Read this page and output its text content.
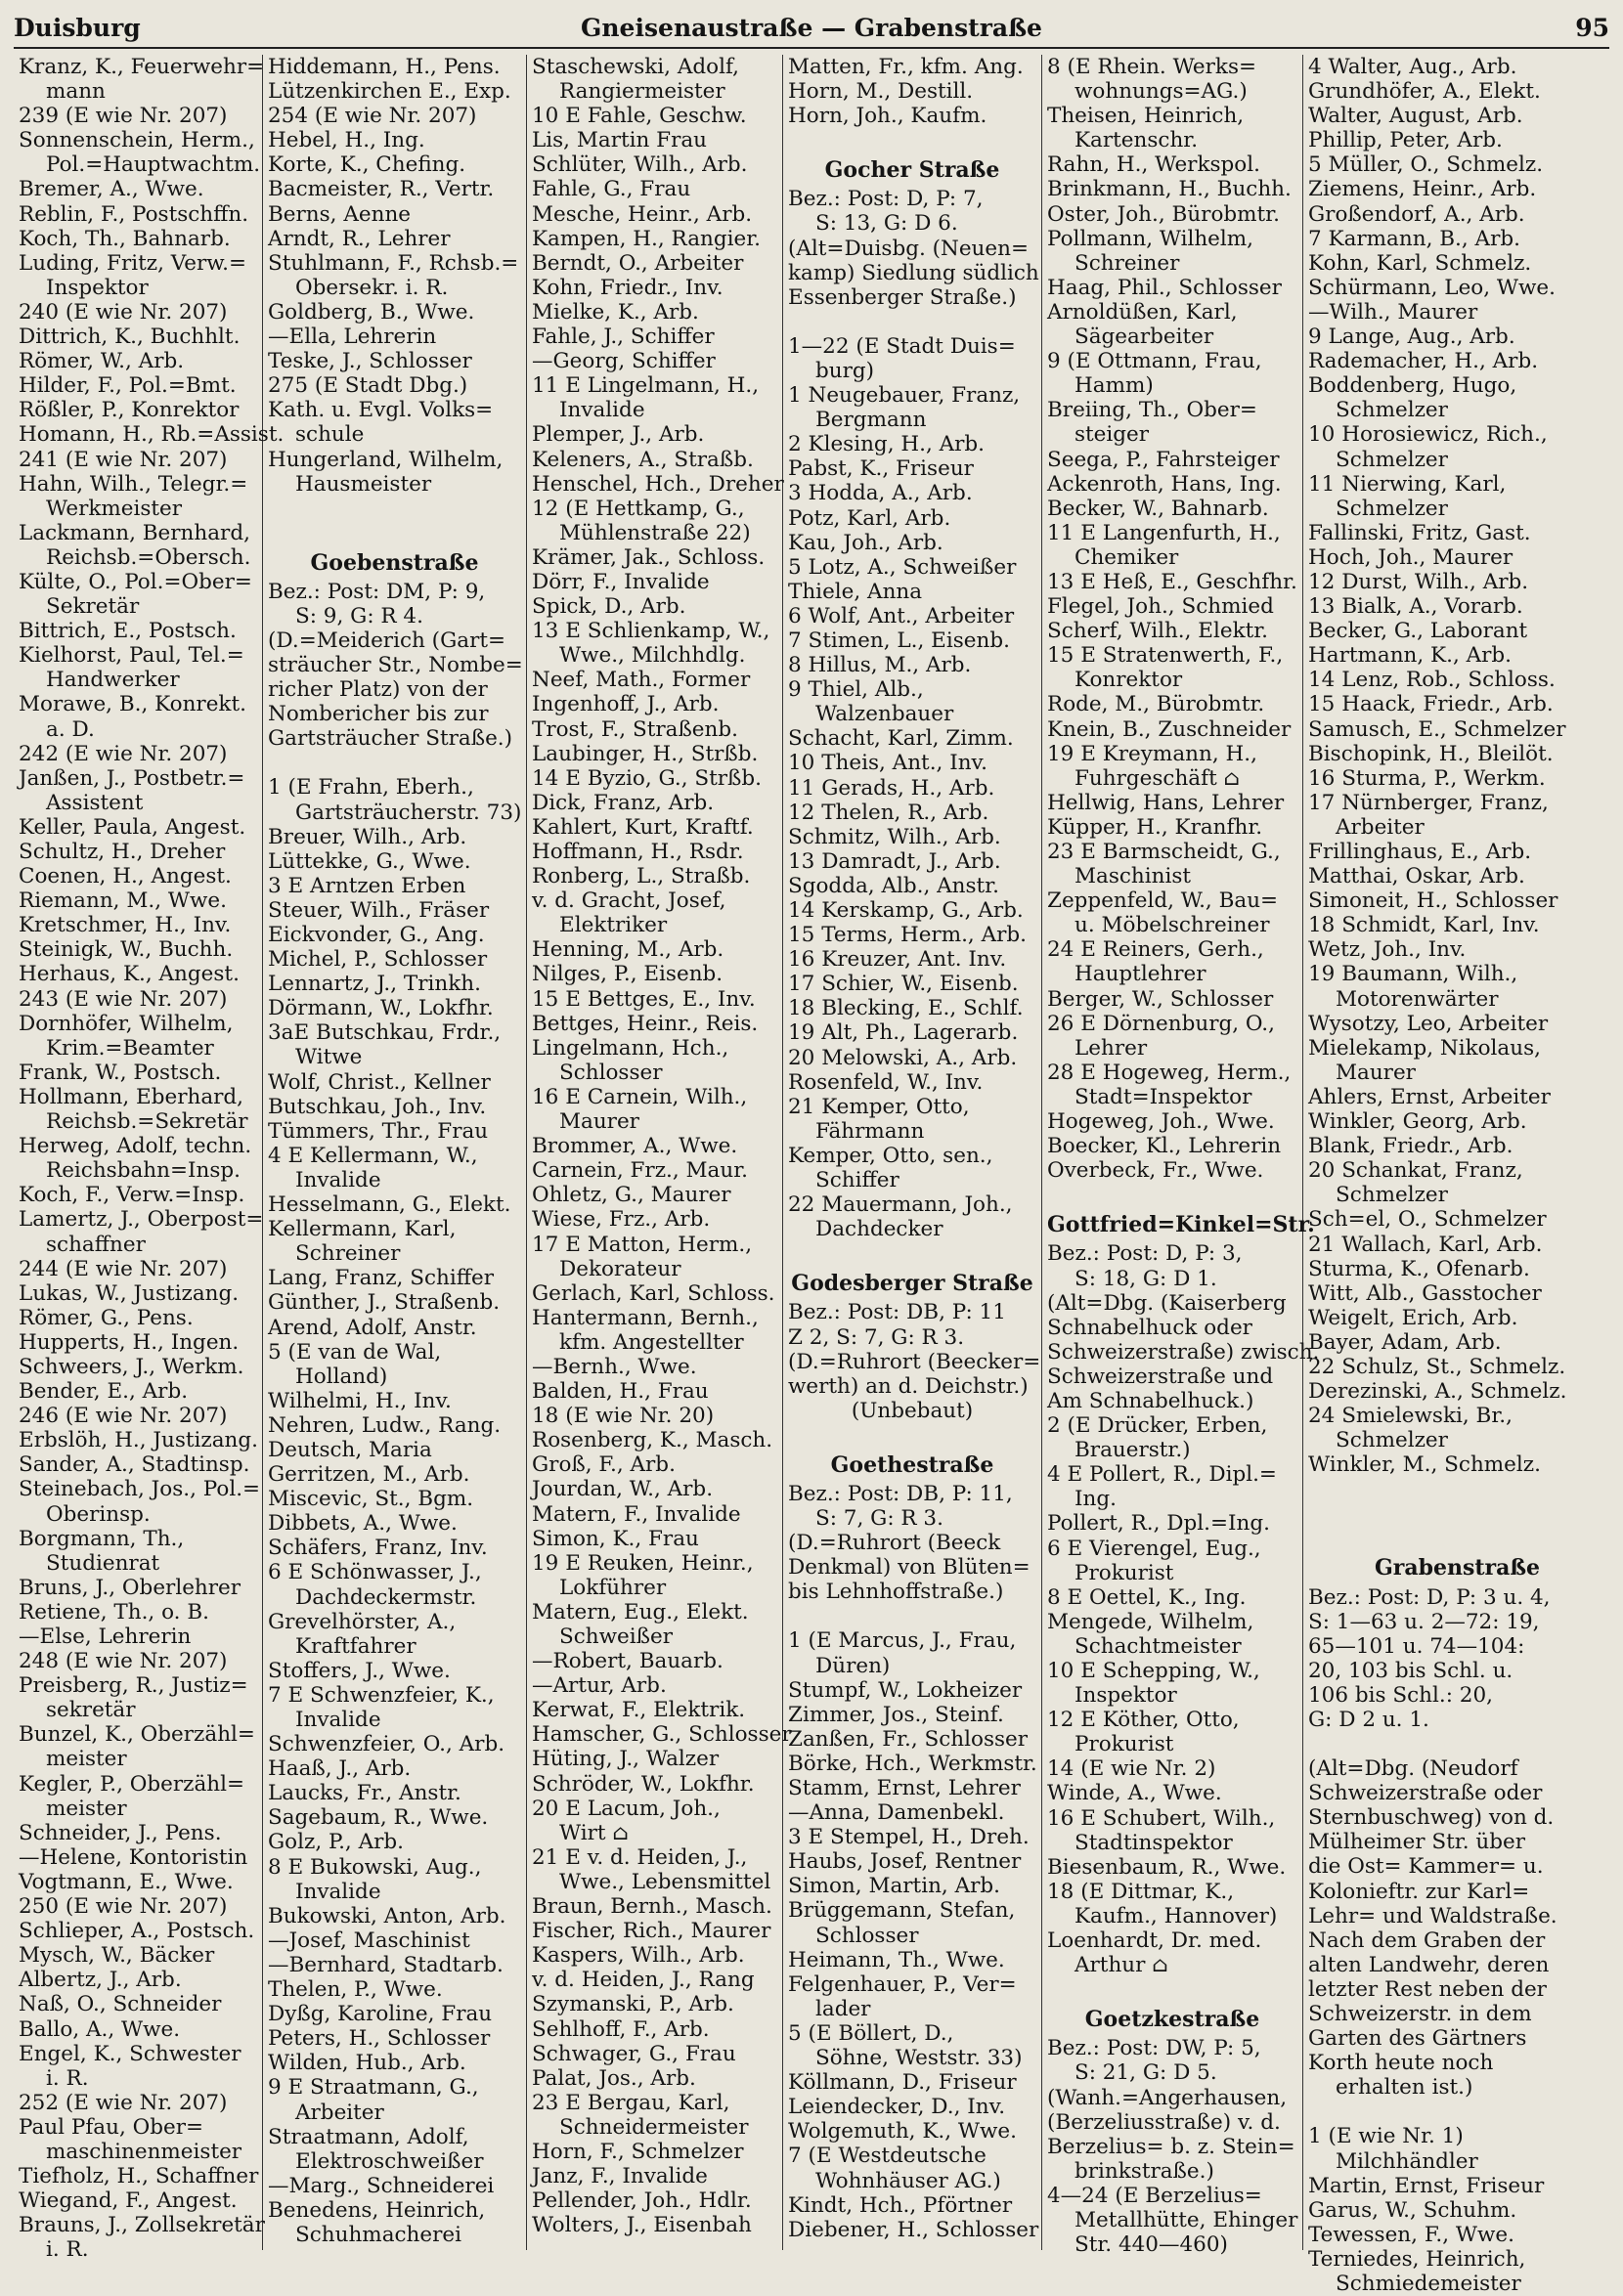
Duisburg	Gneisenaustraße — Grabenstraße	95
Kranz, K., Feuerwehr=
mann
239 (E wie Nr. 207)
Sonnenschein, Herm.,
Pol.=Hauptwachtm.
Bremer, A., Wwe.
Reblin, F., Postschffn.
Koch, Th., Bahnarb.
Luding, Fritz, Verw.=
Inspektor
240 (E wie Nr. 207)
Dittrich, K., Buchhlt.
Römer, W., Arb.
Hilder, F., Pol.=Bmt.
Rößler, P., Konrektor
Homann, H., Rb.=Assist.
241 (E wie Nr. 207)
Hahn, Wilh., Telegr.=
Werkmeister
Lackmann, Bernhard,
Reichsb.=Obersch.
Külte, O., Pol.=Ober=
Sekretär
Bittrich, E., Postsch.
Kielhorst, Paul, Tel.=
Handwerker
Morawe, B., Konrekt.
a. D.
242 (E wie Nr. 207)
Janßen, J., Postbetr.=
Assistent
Keller, Paula, Angest.
Schultz, H., Dreher
Coenen, H., Angest.
Riemann, M., Wwe.
Kretschmer, H., Inv.
Steinigk, W., Buchh.
Herhaus, K., Angest.
243 (E wie Nr. 207)
Dornhöfer, Wilhelm,
Krim.=Beamter
Frank, W., Postsch.
Hollmann, Eberhard,
Reichsb.=Sekretär
Herweg, Adolf, techn.
Reichsbahn=Insp.
Koch, F., Verw.=Insp.
Lamertz, J., Oberpost=
schaffner
244 (E wie Nr. 207)
Lukas, W., Justizang.
Römer, G., Pens.
Hupperts, H., Ingen.
Schweers, J., Werkm.
Bender, E., Arb.
246 (E wie Nr. 207)
Erbslöh, H., Justizang.
Sander, A., Stadtinsp.
Steinebach, Jos., Pol.=
Oberinsp.
Borgmann, Th.,
Studienrat
Bruns, J., Oberlehrer
Retiene, Th., o. B.
—Else, Lehrerin
248 (E wie Nr. 207)
Preisberg, R., Justiz=
sekretär
Bunzel, K., Oberzähl=
meister
Kegler, P., Oberzähl=
meister
Schneider, J., Pens.
—Helene, Kontoristin
Vogtmann, E., Wwe.
250 (E wie Nr. 207)
Schlieper, A., Postsch.
Mysch, W., Bäcker
Albertz, J., Arb.
Naß, O., Schneider
Ballo, A., Wwe.
Engel, K., Schwester
i. R.
252 (E wie Nr. 207)
Paul Pfau, Ober=
maschinenmeister
Tiefholz, H., Schaffner
Wiegand, F., Angest.
Brauns, J., Zollsekretär
i. R.
Hiddemann, H., Pens.
Lützenkirchen E., Exp.
254 (E wie Nr. 207)
Hebel, H., Ing.
Korte, K., Chefing.
Bacmeister, R., Vertr.
Berns, Aenne
Arndt, R., Lehrer
Stuhlmann, F., Rchsb.=
Obersekr. i. R.
Goldberg, B., Wwe.
—Ella, Lehrerin
Teske, J., Schlosser
275 (E Stadt Dbg.)
Kath. u. Evgl. Volks=
schule
Hungerland, Wilhelm,
Hausmeister
Goebenstraße
Bez.: Post: DM, P: 9,
S: 9, G: R 4.
(D.=Meiderich (Gart=
sträucher Str., Nombe=
richer Platz) von der
Nombericher bis zur
Gartsträucher Straße.)
1 (E Frahn, Eberh.,
Gartsträucherstr. 73)
Breuer, Wilh., Arb.
Lüttekke, G., Wwe.
3 E Arntzen Erben
Steuer, Wilh., Fräser
Eickvonder, G., Ang.
Michel, P., Schlosser
Lennartz, J., Trinkh.
Dörmann, W., Lokfhr.
3aE Butschkau, Frdr.,
Witwe
Wolf, Christ., Kellner
Butschkau, Joh., Inv.
Tümmers, Thr., Frau
4 E Kellermann, W.,
Invalide
Hesselmann, G., Elekt.
Kellermann, Karl,
Schreiner
Lang, Franz, Schiffer
Günther, J., Straßenb.
Arend, Adolf, Anstr.
5 (E van de Wal,
Holland)
Wilhelmi, H., Inv.
Nehren, Ludw., Rang.
Deutsch, Maria
Gerritzen, M., Arb.
Miscevic, St., Bgm.
Dibbets, A., Wwe.
Schäfers, Franz, Inv.
6 E Schönwasser, J.,
Dachdeckermstr.
Grevelhörster, A.,
Kraftfahrer
Stoffers, J., Wwe.
7 E Schwenzfeier, K.,
Invalide
Schwenzfeier, O., Arb.
Haaß, J., Arb.
Laucks, Fr., Anstr.
Sagebaum, R., Wwe.
Golz, P., Arb.
8 E Bukowski, Aug.,
Invalide
Bukowski, Anton, Arb.
—Josef, Maschinist
—Bernhard, Stadtarb.
Thelen, P., Wwe.
Dyßg, Karoline, Frau
Peters, H., Schlosser
Wilden, Hub., Arb.
9 E Straatmann, G.,
Arbeiter
Straatmann, Adolf,
Elektroschweißer
—Marg., Schneiderei
Benedens, Heinrich,
Schuhmacherei
Staschewski, Adolf,
Rangiermeister
10 E Fahle, Geschw.
Lis, Martin Frau
Schlüter, Wilh., Arb.
Fahle, G., Frau
Mesche, Heinr., Arb.
Kampen, H., Rangier.
Berndt, O., Arbeiter
Kohn, Friedr., Inv.
Mielke, K., Arb.
Fahle, J., Schiffer
—Georg, Schiffer
11 E Lingelmann, H.,
Invalide
Plemper, J., Arb.
Keleners, A., Straßb.
Henschel, Hch., Dreher
12 (E Hettkamp, G.,
Mühlenstraße 22)
Krämer, Jak., Schloss.
Dörr, F., Invalide
Spick, D., Arb.
13 E Schlienkamp, W.,
Wwe., Milchhdlg.
Neef, Math., Former
Ingenhoff, J., Arb.
Trost, F., Straßenb.
Laubinger, H., Strßb.
14 E Byzio, G., Strßb.
Dick, Franz, Arb.
Kahlert, Kurt, Kraftf.
Hoffmann, H., Rsdr.
Ronberg, L., Straßb.
v. d. Gracht, Josef,
Elektriker
Henning, M., Arb.
Nilges, P., Eisenb.
15 E Bettges, E., Inv.
Bettges, Heinr., Reis.
Lingelmann, Hch.,
Schlosser
16 E Carnein, Wilh.,
Maurer
Brommer, A., Wwe.
Carnein, Frz., Maur.
Ohletz, G., Maurer
Wiese, Frz., Arb.
17 E Matton, Herm.,
Dekorateur
Gerlach, Karl, Schloss.
Hantermann, Bernh.,
kfm. Angestellter
—Bernh., Wwe.
Balden, H., Frau
18 (E wie Nr. 20)
Rosenberg, K., Masch.
Groß, F., Arb.
Jourdan, W., Arb.
Matern, F., Invalide
Simon, K., Frau
19 E Reuken, Heinr.,
Lokführer
Matern, Eug., Elekt.
Schweißer
—Robert, Bauarb.
—Artur, Arb.
Kerwat, F., Elektrik.
Hamscher, G., Schlosser
Hüting, J., Walzer
Schröder, W., Lokfhr.
20 E Lacum, Joh.,
Wirt ⌂
21 E v. d. Heiden, J.,
Wwe., Lebensmittel
Braun, Bernh., Masch.
Fischer, Rich., Maurer
Kaspers, Wilh., Arb.
v. d. Heiden, J., Rang
Szymanski, P., Arb.
Sehlhoff, F., Arb.
Schwager, G., Frau
Palat, Jos., Arb.
23 E Bergau, Karl,
Schneidermeister
Horn, F., Schmelzer
Janz, F., Invalide
Pellender, Joh., Hdlr.
Wolters, J., Eisenbah
Matten, Fr., kfm. Ang.
Horn, M., Destill.
Horn, Joh., Kaufm.
Gocher Straße
Bez.: Post: D, P: 7,
S: 13, G: D 6.
(Alt=Duisbg. (Neuen=
kamp) Siedlung südlich
Essenberger Straße.)
1—22 (E Stadt Duis=
burg)
1 Neugebauer, Franz,
Bergmann
2 Klesing, H., Arb.
Pabst, K., Friseur
3 Hodda, A., Arb.
Potz, Karl, Arb.
Kau, Joh., Arb.
5 Lotz, A., Schweißer
Thiele, Anna
6 Wolf, Ant., Arbeiter
7 Stimen, L., Eisenb.
8 Hillus, M., Arb.
9 Thiel, Alb.,
Walzenbauer
Schacht, Karl, Zimm.
10 Theis, Ant., Inv.
11 Gerads, H., Arb.
12 Thelen, R., Arb.
Schmitz, Wilh., Arb.
13 Damradt, J., Arb.
Sgodda, Alb., Anstr.
14 Kerskamp, G., Arb.
15 Terms, Herm., Arb.
16 Kreuzer, Ant. Inv.
17 Schier, W., Eisenb.
18 Blecking, E., Schlf.
19 Alt, Ph., Lagerarb.
20 Melowski, A., Arb.
Rosenfeld, W., Inv.
21 Kemper, Otto,
Fährmann
Kemper, Otto, sen.,
Schiffer
22 Mauermann, Joh.,
Dachdecker
Godesberger Straße
Bez.: Post: DB, P: 11
Z 2, S: 7, G: R 3.
(D.=Ruhrort (Beecker=
werth) an d. Deichstr.)
(Unbebaut)
Goethestraße
Bez.: Post: DB, P: 11,
S: 7, G: R 3.
(D.=Ruhrort (Beeck
Denkmal) von Blüten=
bis Lehnhoffstraße.)
1 (E Marcus, J., Frau,
Düren)
Stumpf, W., Lokheizer
Zimmer, Jos., Steinf.
Zanßen, Fr., Schlosser
Börke, Hch., Werkmstr.
Stamm, Ernst, Lehrer
—Anna, Damenbekl.
3 E Stempel, H., Dreh.
Haubs, Josef, Rentner
Simon, Martin, Arb.
Brüggemann, Stefan,
Schlosser
Heimann, Th., Wwe.
Felgenhauer, P., Ver=
lader
5 (E Böllert, D.,
Söhne, Weststr. 33)
Köllmann, D., Friseur
Leiendecker, D., Inv.
Wolgemuth, K., Wwe.
7 (E Westdeutsche
Wohnhäuser AG.)
Kindt, Hch., Pförtner
Diebener, H., Schlosser
8 (E Rhein. Werks=
wohnungs=AG.)
Theisen, Heinrich,
Kartenschr.
Rahn, H., Werkspol.
Brinkmann, H., Buchh.
Oster, Joh., Bürobmtr.
Pollmann, Wilhelm,
Schreiner
Haag, Phil., Schlosser
Arnoldüßen, Karl,
Sägearbeiter
9 (E Ottmann, Frau,
Hamm)
Breiing, Th., Ober=
steiger
Seega, P., Fahrsteiger
Ackenroth, Hans, Ing.
Becker, W., Bahnarb.
11 E Langenfurth, H.,
Chemiker
13 E Heß, E., Geschfhr.
Flegel, Joh., Schmied
Scherf, Wilh., Elektr.
15 E Stratenwerth, F.,
Konrektor
Rode, M., Bürobmtr.
Knein, B., Zuschneider
19 E Kreymann, H.,
Fuhrgeschäft ⌂
Hellwig, Hans, Lehrer
Küpper, H., Kranfhr.
23 E Barmscheidt, G.,
Maschinist
Zeppenfeld, W., Bau=
u. Möbelschreiner
24 E Reiners, Gerh.,
Hauptlehrer
Berger, W., Schlosser
26 E Dörnenburg, O.,
Lehrer
28 E Hogeweg, Herm.,
Stadt=Inspektor
Hogeweg, Joh., Wwe.
Boecker, Kl., Lehrerin
Overbeck, Fr., Wwe.
Gottfried=Kinkel=Str.
Bez.: Post: D, P: 3,
S: 18, G: D 1.
(Alt=Dbg. (Kaiserberg
Schnabelhuck oder
Schweizerstraße) zwisch.
Schweizerstraße und
Am Schnabelhuck.)
2 (E Drücker, Erben,
Brauerstr.)
4 E Pollert, R., Dipl.=
Ing.
Pollert, R., Dpl.=Ing.
6 E Vierengel, Eug.,
Prokurist
8 E Oettel, K., Ing.
Mengede, Wilhelm,
Schachtmeister
10 E Schepping, W.,
Inspektor
12 E Köther, Otto,
Prokurist
14 (E wie Nr. 2)
Winde, A., Wwe.
16 E Schubert, Wilh.,
Stadtinspektor
Biesenbaum, R., Wwe.
18 (E Dittmar, K.,
Kaufm., Hannover)
Loenhardt, Dr. med.
Arthur ⌂
Goetzkestraße
Bez.: Post: DW, P: 5,
S: 21, G: D 5.
(Wanh.=Angerhausen,
(Berzeliusstraße) v. d.
Berzelius= b. z. Stein=
brinkstraße.)
4—24 (E Berzelius=
Metallhütte, Ehinger
Str. 440—460)
4 Walter, Aug., Arb.
Grundhöfer, A., Elekt.
Walter, August, Arb.
Phillip, Peter, Arb.
5 Müller, O., Schmelz.
Ziemens, Heinr., Arb.
Großendorf, A., Arb.
7 Karmann, B., Arb.
Kohn, Karl, Schmelz.
Schürmann, Leo, Wwe.
—Wilh., Maurer
9 Lange, Aug., Arb.
Rademacher, H., Arb.
Boddenberg, Hugo,
Schmelzer
10 Horosiewicz, Rich.,
Schmelzer
11 Nierwing, Karl,
Schmelzer
Fallinski, Fritz, Gast.
Hoch, Joh., Maurer
12 Durst, Wilh., Arb.
13 Bialk, A., Vorarb.
Becker, G., Laborant
Hartmann, K., Arb.
14 Lenz, Rob., Schloss.
15 Haack, Friedr., Arb.
Samusch, E., Schmelzer
Bischopink, H., Bleilöt.
16 Sturma, P., Werkm.
17 Nürnberger, Franz,
Arbeiter
Frillinghaus, E., Arb.
Matthai, Oskar, Arb.
Simoneit, H., Schlosser
18 Schmidt, Karl, Inv.
Wetz, Joh., Inv.
19 Baumann, Wilh.,
Motorenwärter
Wysotzy, Leo, Arbeiter
Mielekamp, Nikolaus,
Maurer
Ahlers, Ernst, Arbeiter
Winkler, Georg, Arb.
Blank, Friedr., Arb.
20 Schankat, Franz,
Schmelzer
Sch=el, O., Schmelzer
21 Wallach, Karl, Arb.
Sturma, K., Ofenarb.
Witt, Alb., Gasstocher
Weigelt, Erich, Arb.
Bayer, Adam, Arb.
22 Schulz, St., Schmelz.
Derezinski, A., Schmelz.
24 Smielewski, Br.,
Schmelzer
Winkler, M., Schmelz.
Grabenstraße
Bez.: Post: D, P: 3 u. 4,
S: 1—63 u. 2—72: 19,
65—101 u. 74—104:
20, 103 bis Schl. u.
106 bis Schl.: 20,
G: D 2 u. 1.
(Alt=Dbg. (Neudorf
Schweizerstraße oder
Sternbuschweg) von d.
Mülheimer Str. über
die Ost= Kammer= u.
Kolonieftr. zur Karl=
Lehr= und Waldstraße.
Nach dem Graben der
alten Landwehr, deren
letzter Rest neben der
Schweizerstr. in dem
Garten des Gärtners
Korth heute noch
erhalten ist.)
1 (E wie Nr. 1)
Milchhändler
Martin, Ernst, Friseur
Garus, W., Schuhm.
Tewessen, F., Wwe.
Terniedes, Heinrich,
Schmiedemeister
